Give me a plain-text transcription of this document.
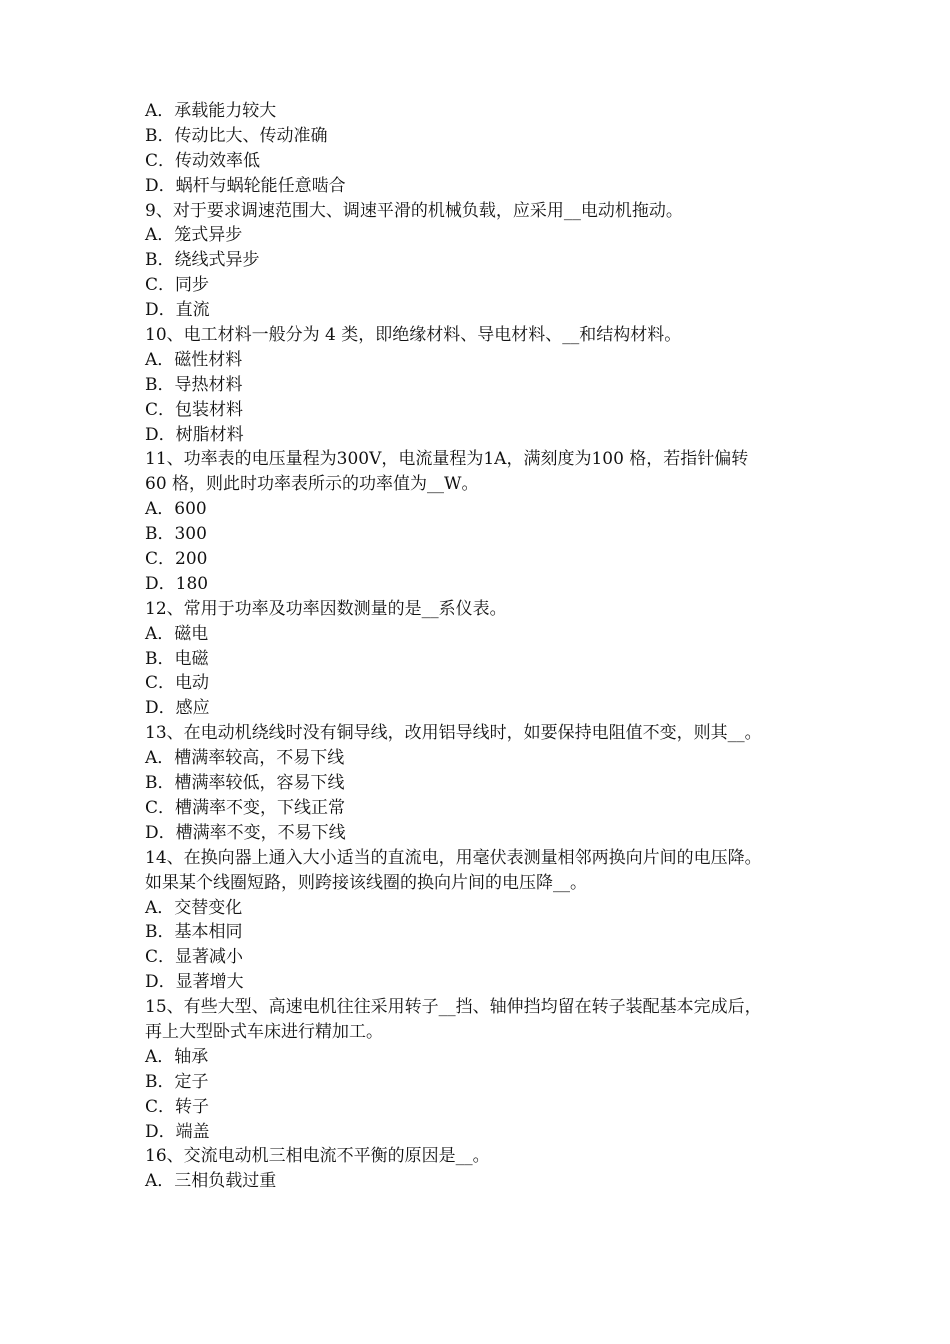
A．承载能力较大
B．传动比大、传动准确
C．传动效率低
D．蜗杆与蜗轮能任意啮合
9、对于要求调速范围大、调速平滑的机械负载，应采用__电动机拖动。
A．笼式异步
B．绕线式异步
C．同步
D．直流
10、电工材料一般分为 4 类，即绝缘材料、导电材料、__和结构材料。
A．磁性材料
B．导热材料
C．包装材料
D．树脂材料
11、功率表的电压量程为300V，电流量程为1A，满刻度为100 格，若指针偏转
60 格，则此时功率表所示的功率值为__W。
A．600
B．300
C．200
D．180
12、常用于功率及功率因数测量的是__系仪表。
A．磁电
B．电磁
C．电动
D．感应
13、在电动机绕线时没有铜导线，改用铝导线时，如要保持电阻值不变，则其__。
A．槽满率较高，不易下线
B．槽满率较低，容易下线
C．槽满率不变，下线正常
D．槽满率不变，不易下线
14、在换向器上通入大小适当的直流电，用毫伏表测量相邻两换向片间的电压降。
如果某个线圈短路，则跨接该线圈的换向片间的电压降__。
A．交替变化
B．基本相同
C．显著减小
D．显著增大
15、有些大型、高速电机往往采用转子__挡、轴伸挡均留在转子装配基本完成后，
再上大型卧式车床进行精加工。
A．轴承
B．定子
C．转子
D．端盖
16、交流电动机三相电流不平衡的原因是__。
A．三相负载过重
